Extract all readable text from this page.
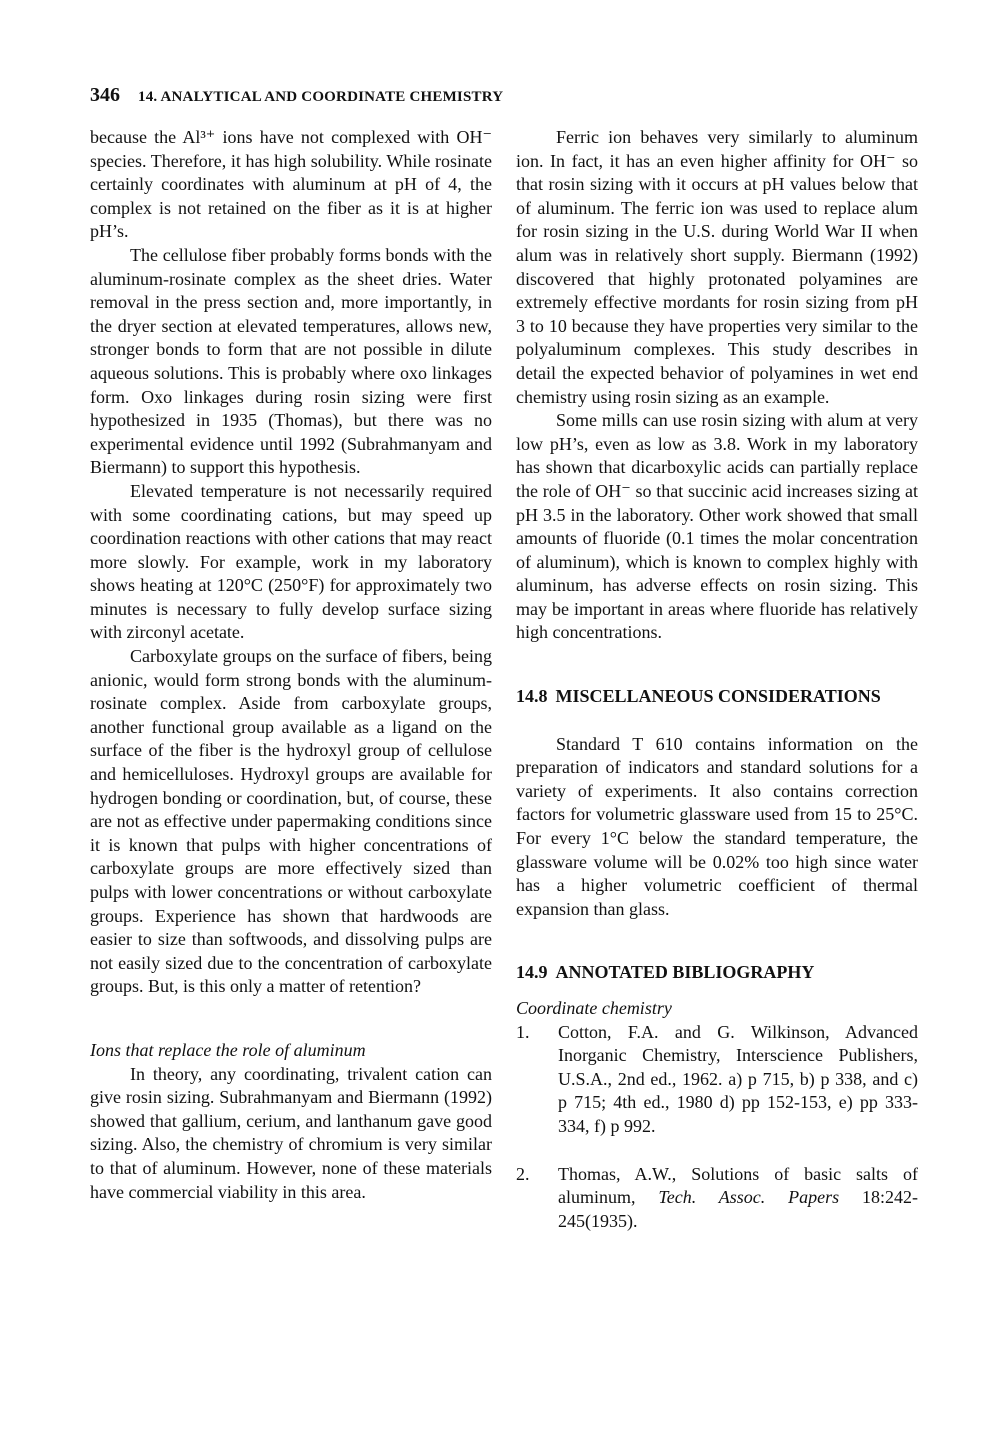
346 14. ANALYTICAL AND COORDINATE CHEMISTRY

because the Al³⁺ ions have not complexed with OH⁻ species. Therefore, it has high solubility. While rosinate certainly coordinates with aluminum at pH of 4, the complex is not retained on the fiber as it is at higher pH’s.

The cellulose fiber probably forms bonds with the aluminum-rosinate complex as the sheet dries. Water removal in the press section and, more importantly, in the dryer section at elevated temperatures, allows new, stronger bonds to form that are not possible in dilute aqueous solutions. This is probably where oxo linkages form. Oxo linkages during rosin sizing were first hypothesized in 1935 (Thomas), but there was no experimental evidence until 1992 (Subrahmanyam and Biermann) to support this hypothesis.

Elevated temperature is not necessarily required with some coordinating cations, but may speed up coordination reactions with other cations that may react more slowly. For example, work in my laboratory shows heating at 120°C (250°F) for approximately two minutes is necessary to fully develop surface sizing with zirconyl acetate.

Carboxylate groups on the surface of fibers, being anionic, would form strong bonds with the aluminum-rosinate complex. Aside from carboxylate groups, another functional group available as a ligand on the surface of the fiber is the hydroxyl group of cellulose and hemicelluloses. Hydroxyl groups are available for hydrogen bonding or coordination, but, of course, these are not as effective under papermaking conditions since it is known that pulps with higher concentrations of carboxylate groups are more effectively sized than pulps with lower concentrations or without carboxylate groups. Experience has shown that hardwoods are easier to size than softwoods, and dissolving pulps are not easily sized due to the concentration of carboxylate groups. But, is this only a matter of retention?

Ions that replace the role of aluminum

In theory, any coordinating, trivalent cation can give rosin sizing. Subrahmanyam and Biermann (1992) showed that gallium, cerium, and lanthanum gave good sizing. Also, the chemistry of chromium is very similar to that of aluminum. However, none of these materials have commercial viability in this area.

Ferric ion behaves very similarly to aluminum ion. In fact, it has an even higher affinity for OH⁻ so that rosin sizing with it occurs at pH values below that of aluminum. The ferric ion was used to replace alum for rosin sizing in the U.S. during World War II when alum was in relatively short supply. Biermann (1992) discovered that highly protonated polyamines are extremely effective mordants for rosin sizing from pH 3 to 10 because they have properties very similar to the polyaluminum complexes. This study describes in detail the expected behavior of polyamines in wet end chemistry using rosin sizing as an example.

Some mills can use rosin sizing with alum at very low pH’s, even as low as 3.8. Work in my laboratory has shown that dicarboxylic acids can partially replace the role of OH⁻ so that succinic acid increases sizing at pH 3.5 in the laboratory. Other work showed that small amounts of fluoride (0.1 times the molar concentration of aluminum), which is known to complex highly with aluminum, has adverse effects on rosin sizing. This may be important in areas where fluoride has relatively high concentrations.

14.8 MISCELLANEOUS CONSIDERATIONS

Standard T 610 contains information on the preparation of indicators and standard solutions for a variety of experiments. It also contains correction factors for volumetric glassware used from 15 to 25°C. For every 1°C below the standard temperature, the glassware volume will be 0.02% too high since water has a higher volumetric coefficient of thermal expansion than glass.

14.9 ANNOTATED BIBLIOGRAPHY
Coordinate chemistry
1. Cotton, F.A. and G. Wilkinson, Advanced Inorganic Chemistry, Interscience Publishers, U.S.A., 2nd ed., 1962. a) p 715, b) p 338, and c) p 715; 4th ed., 1980 d) pp 152-153, e) pp 333-334, f) p 992.

2. Thomas, A.W., Solutions of basic salts of aluminum, Tech. Assoc. Papers 18:242-245(1935).
